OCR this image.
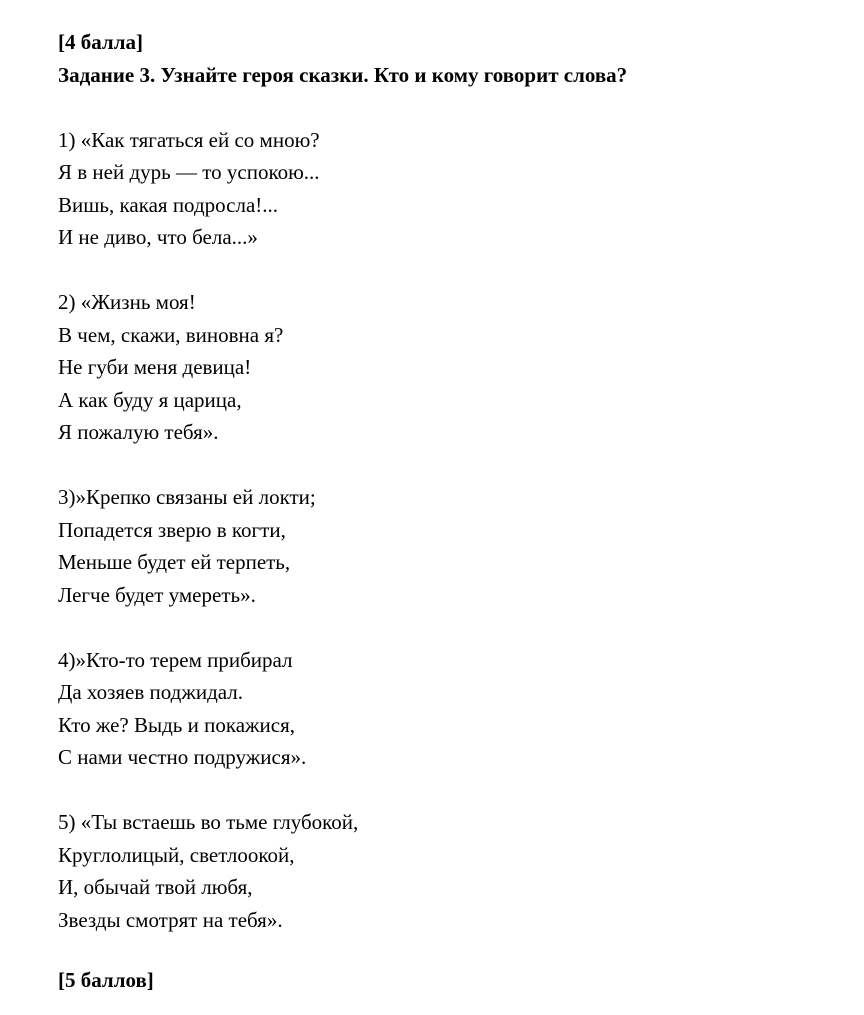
[4 балла]
Задание 3. Узнайте героя сказки. Кто и кому говорит слова?
1) «Как тягаться ей со мною?
Я в ней дурь — то успокою...
Вишь, какая подросла!...
И не диво, что бела...»
2) «Жизнь моя!
В чем, скажи, виновна я?
Не губи меня девица!
А как буду я царица,
Я пожалую тебя».
3)»Крепко связаны ей локти;
Попадется зверю в когти,
Меньше будет ей терпеть,
Легче будет умереть».
4)»Кто-то терем прибирал
Да хозяев поджидал.
Кто же? Выдь и покажися,
С нами честно подружися».
5) «Ты встаешь во тьме глубокой,
Круглолицый, светлоокой,
И, обычай твой любя,
Звезды смотрят на тебя».
[5 баллов]
